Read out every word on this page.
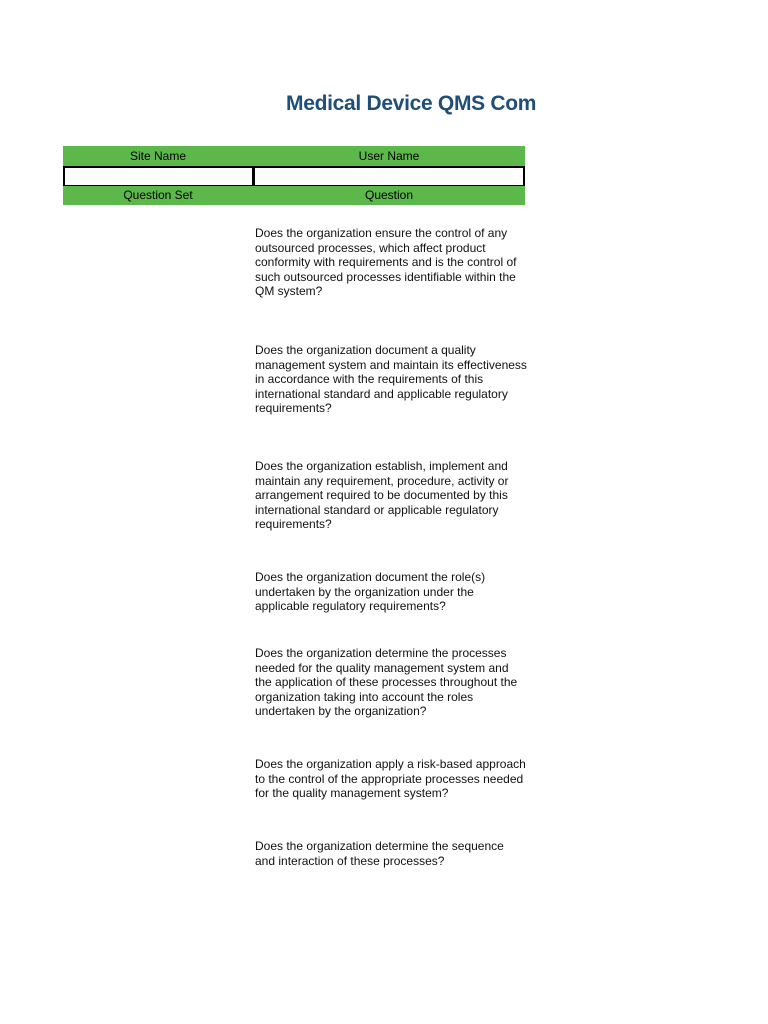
Medical Device QMS Com
Site Name	User Name
Question Set	Question
Does the organization ensure the control of any outsourced processes, which affect product conformity with requirements and is the control of such outsourced processes identifiable within the QM system?
Does the organization document a quality management system and maintain its effectiveness in accordance with the requirements of this international standard and applicable regulatory requirements?
Does the organization establish, implement and maintain any requirement, procedure, activity or arrangement required to be documented by this international standard or applicable regulatory requirements?
Does the organization document the role(s) undertaken by the organization under the applicable regulatory requirements?
Does the organization determine the processes needed for the quality management system and the application of these processes throughout the organization taking into account the roles undertaken by the organization?
Does the organization apply a risk-based approach to the control of the appropriate processes needed for the quality management system?
Does the organization determine the sequence and interaction of these processes?
